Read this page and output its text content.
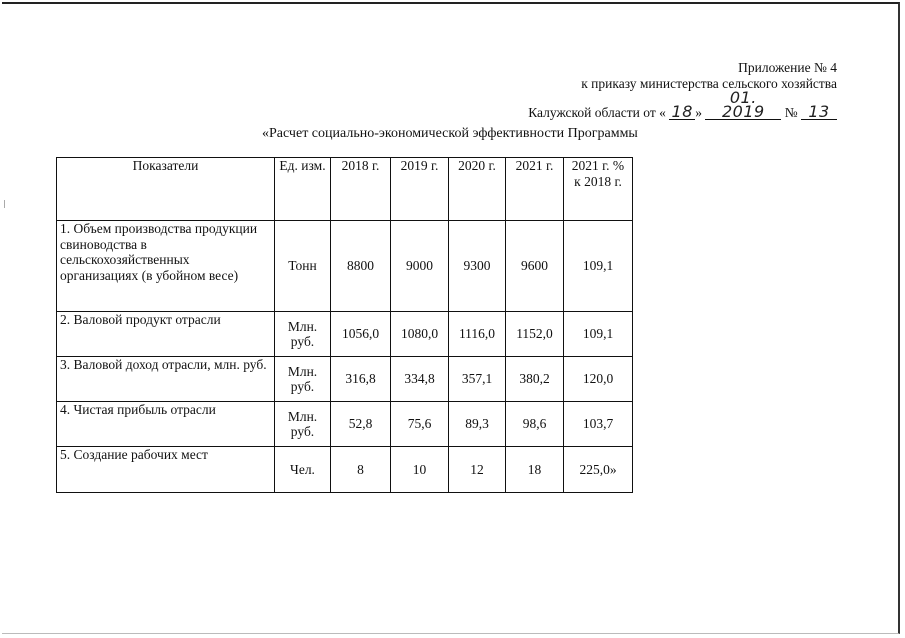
Приложение № 4
к приказу министерства сельского хозяйства
Калужской области от « 18 » 01. 2019 № 13
«Расчет социально-экономической эффективности Программы
Показатели	Ед. изм.	2018 г.	2019 г.	2020 г.	2021 г.	2021 г. %
к 2018 г.

1. Объем производства продукции свиноводства в сельскохозяйственных организациях (в убойном весе)	Тонн	8800	9000	9300	9600	109,1
2. Валовой продукт отрасли	Млн. руб.	1056,0	1080,0	1116,0	1152,0	109,1
3. Валовой доход отрасли, млн. руб.	Млн. руб.	316,8	334,8	357,1	380,2	120,0
4. Чистая прибыль отрасли	Млн. руб.	52,8	75,6	89,3	98,6	103,7
5. Создание рабочих мест	Чел.	8	10	12	18	225,0»
